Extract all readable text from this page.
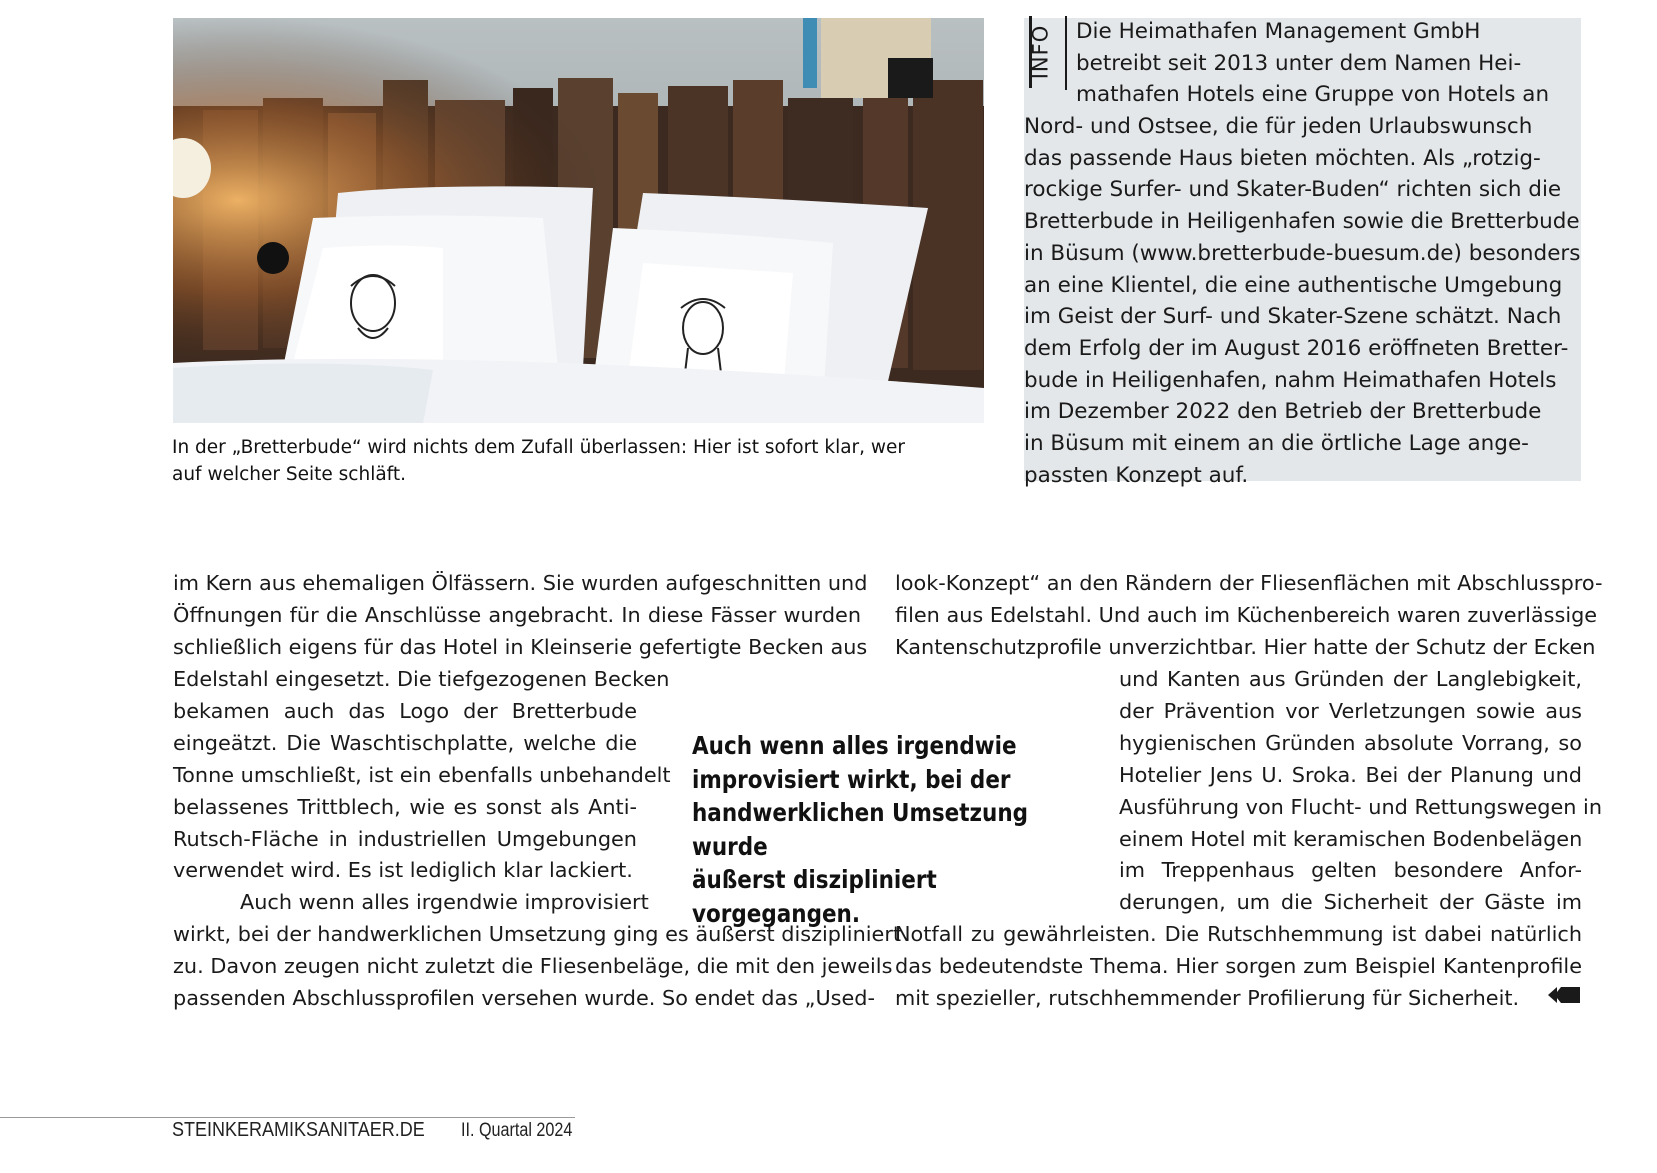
In der „Bretterbude“ wird nichts dem Zufall überlassen: Hier ist sofort klar, wer
auf welcher Seite schläft.
INFO Die Heimathafen Management GmbH
betreibt seit 2013 unter dem Namen Hei-
mathafen Hotels eine Gruppe von Hotels an
Nord- und Ostsee, die für jeden Urlaubswunsch
das passende Haus bieten möchten. Als „rotzig-
rockige Surfer- und Skater-Buden“ richten sich die
Bretterbude in Heiligenhafen sowie die Bretterbude
in Büsum (www.bretterbude-buesum.de) besonders
an eine Klientel, die eine authentische Umgebung
im Geist der Surf- und Skater-Szene schätzt. Nach
dem Erfolg der im August 2016 eröffneten Bretter-
bude in Heiligenhafen, nahm Heimathafen Hotels
im Dezember 2022 den Betrieb der Bretterbude
in Büsum mit einem an die örtliche Lage ange-
passten Konzept auf.
im Kern aus ehemaligen Ölfässern. Sie wurden aufgeschnitten und
Öffnungen für die Anschlüsse angebracht. In diese Fässer wurden
schließlich eigens für das Hotel in Kleinserie gefertigte Becken aus
Edelstahl eingesetzt. Die tiefgezogenen Becken
bekamen auch das Logo der Bretterbude
eingeätzt. Die Waschtischplatte, welche die
Tonne umschließt, ist ein ebenfalls unbehandelt
belassenes Trittblech, wie es sonst als Anti-
Rutsch-Fläche in industriellen Umgebungen
verwendet wird. Es ist lediglich klar lackiert.
Auch wenn alles irgendwie improvisiert
wirkt, bei der handwerklichen Umsetzung ging es äußerst diszipliniert
zu. Davon zeugen nicht zuletzt die Fliesenbeläge, die mit den jeweils
passenden Abschlussprofilen versehen wurde. So endet das „Used-
look-Konzept“ an den Rändern der Fliesenflächen mit Abschlusspro-
filen aus Edelstahl. Und auch im Küchenbereich waren zuverlässige
Kantenschutzprofile unverzichtbar. Hier hatte der Schutz der Ecken
und Kanten aus Gründen der Langlebigkeit,
der Prävention vor Verletzungen sowie aus
hygienischen Gründen absolute Vorrang, so
Hotelier Jens U. Sroka. Bei der Planung und
Ausführung von Flucht- und Rettungswegen in
einem Hotel mit keramischen Bodenbelägen
im Treppenhaus gelten besondere Anfor-
derungen, um die Sicherheit der Gäste im
Notfall zu gewährleisten. Die Rutschhemmung ist dabei natürlich
das bedeutendste Thema. Hier sorgen zum Beispiel Kantenprofile
mit spezieller, rutschhemmender Profilierung für Sicherheit.
Auch wenn alles irgendwie
improvisiert wirkt, bei der
handwerklichen Umsetzung wurde
äußerst diszipliniert vorgegangen.
STEINKERAMIKSANITAER.DE II. Quartal 2024
